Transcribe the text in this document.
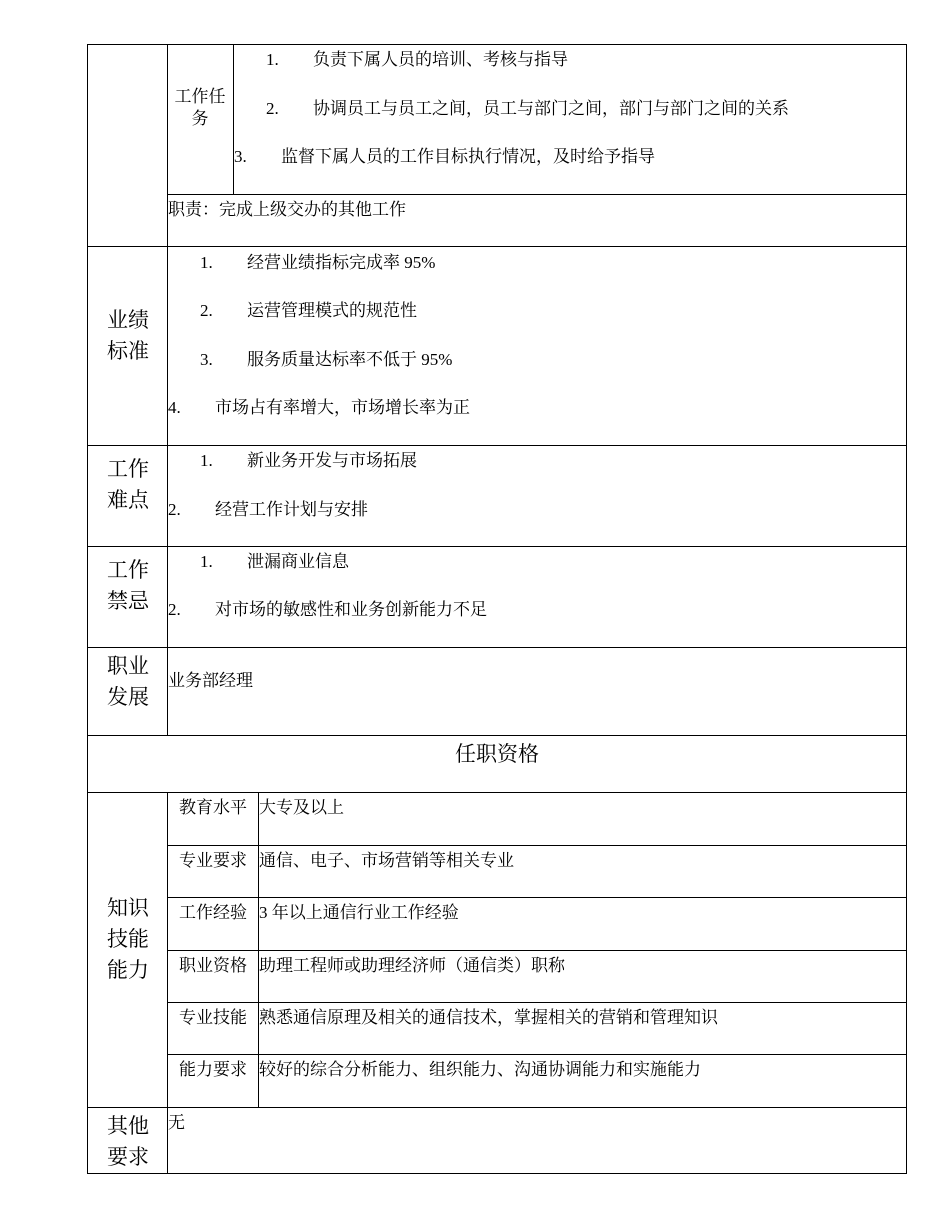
工作任务
1. 负责下属人员的培训、考核与指导
2. 协调员工与员工之间，员工与部门之间，部门与部门之间的关系
3. 监督下属人员的工作目标执行情况，及时给予指导
职责：完成上级交办的其他工作
业绩标准
1. 经营业绩指标完成率 95%
2. 运营管理模式的规范性
3. 服务质量达标率不低于 95%
4. 市场占有率增大，市场增长率为正
工作难点
1. 新业务开发与市场拓展
2. 经营工作计划与安排
工作禁忌
1. 泄漏商业信息
2. 对市场的敏感性和业务创新能力不足
职业发展
业务部经理
任职资格
知识技能能力
教育水平 大专及以上
专业要求 通信、电子、市场营销等相关专业
工作经验 3 年以上通信行业工作经验
职业资格 助理工程师或助理经济师（通信类）职称
专业技能 熟悉通信原理及相关的通信技术，掌握相关的营销和管理知识
能力要求 较好的综合分析能力、组织能力、沟通协调能力和实施能力
其他要求
无
